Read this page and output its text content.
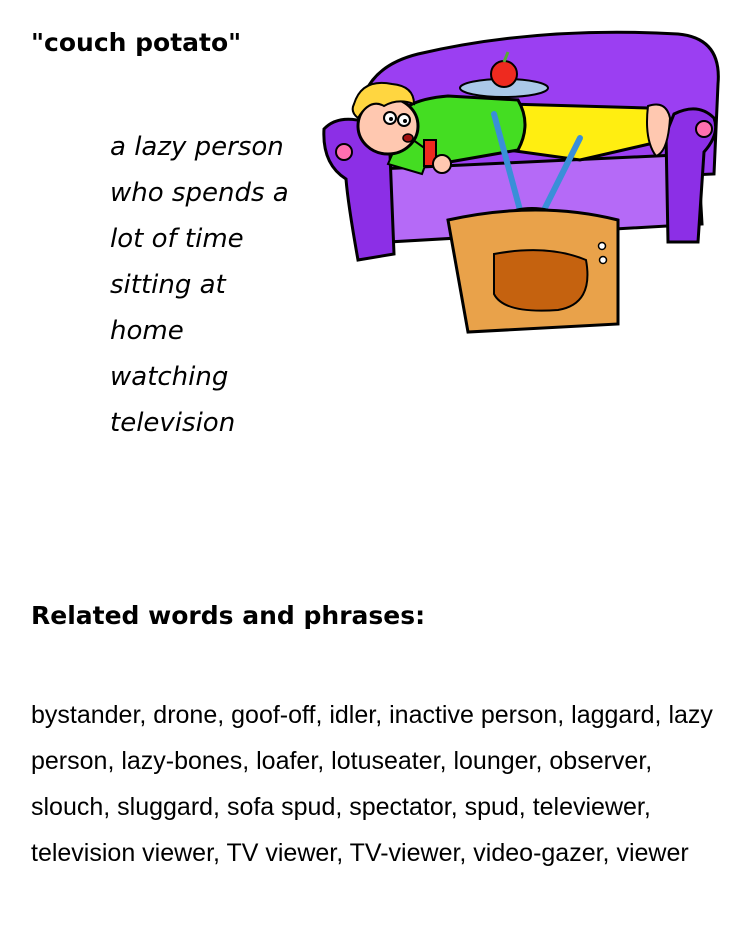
"couch potato"
a lazy person
who spends a
lot of time
sitting at
home
watching
television
Related words and phrases:

bystander, drone, goof-off, idler, inactive person, laggard, lazy person, lazy-bones, loafer, lotuseater, lounger, observer, slouch, sluggard, sofa spud, spectator, spud, televiewer, television viewer, TV viewer, TV-viewer, video-gazer, viewer
